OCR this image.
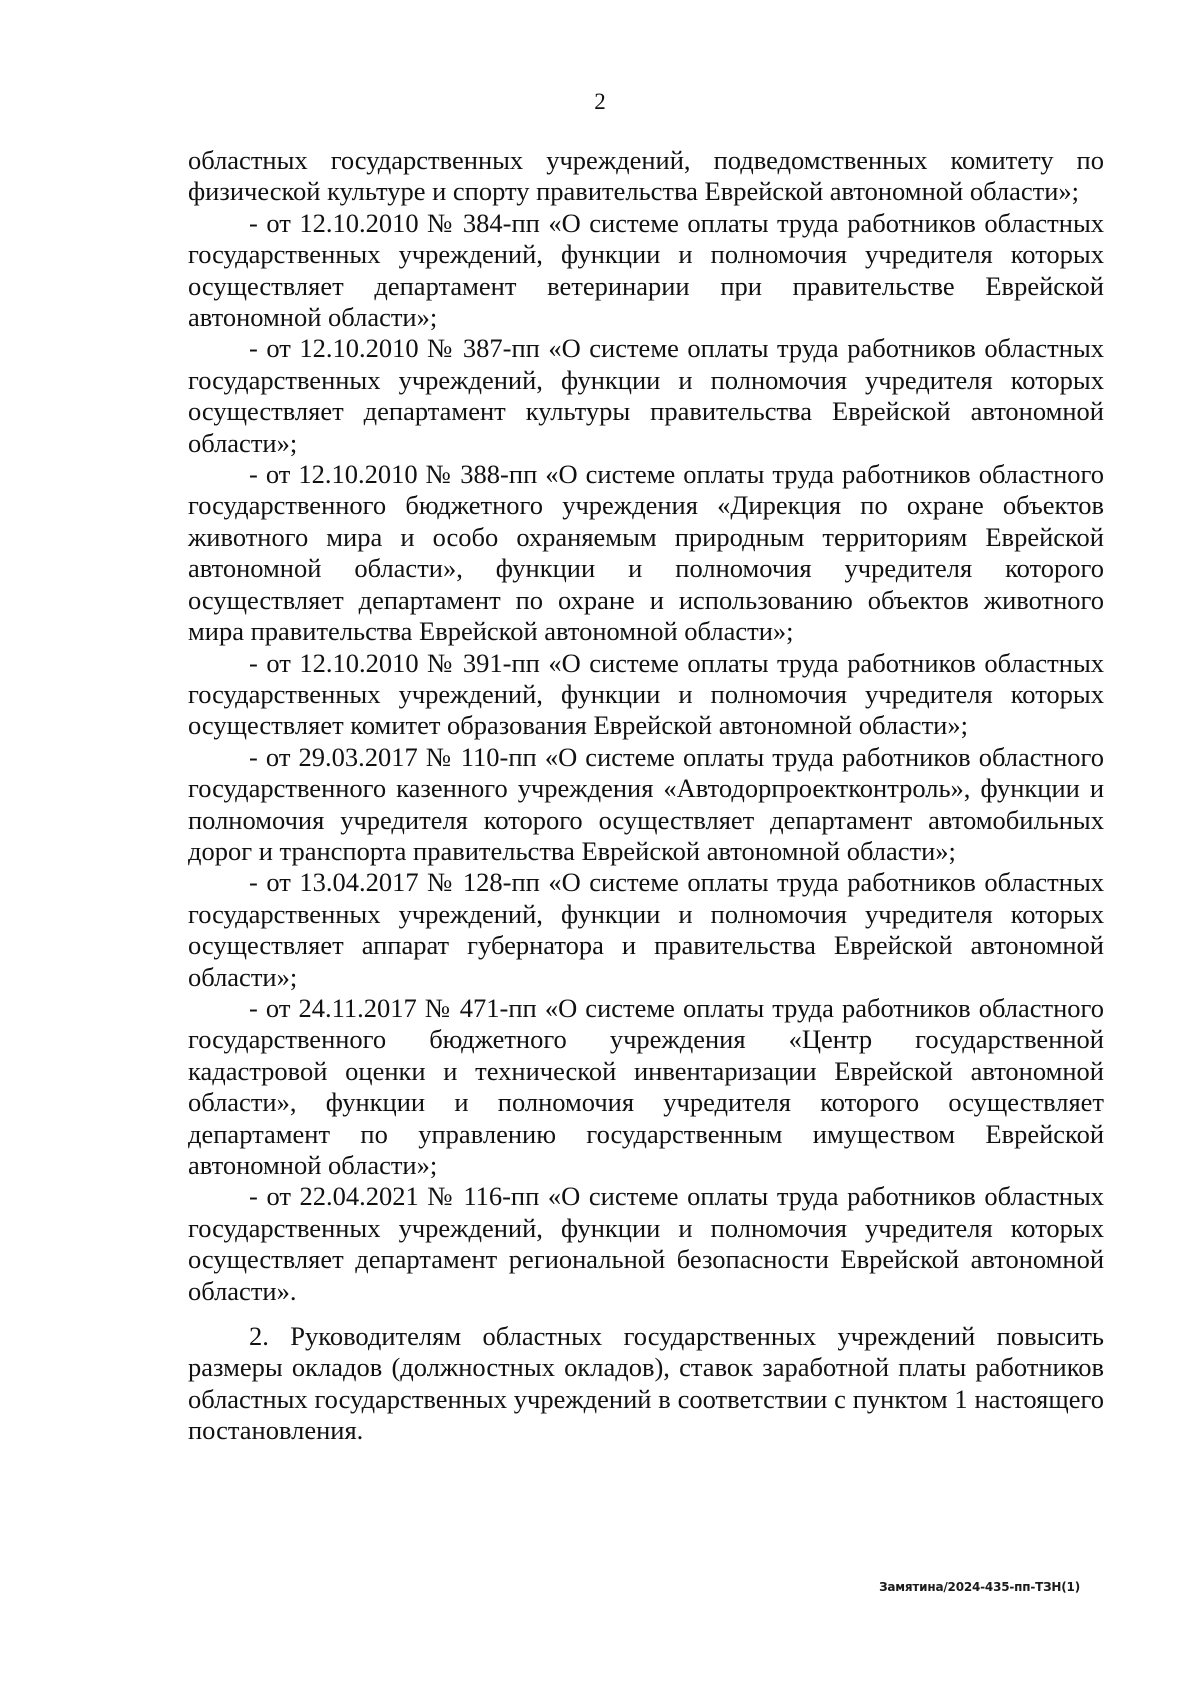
2

областных государственных учреждений, подведомственных комитету по физической культуре и спорту правительства Еврейской автономной области»;

- от 12.10.2010 № 384-пп «О системе оплаты труда работников областных государственных учреждений, функции и полномочия учредителя которых осуществляет департамент ветеринарии при правительстве Еврейской автономной области»;

- от 12.10.2010 № 387-пп «О системе оплаты труда работников областных государственных учреждений, функции и полномочия учредителя которых осуществляет департамент культуры правительства Еврейской автономной области»;

- от 12.10.2010 № 388-пп «О системе оплаты труда работников областного государственного бюджетного учреждения «Дирекция по охране объектов животного мира и особо охраняемым природным территориям Еврейской автономной области», функции и полномочия учредителя которого осуществляет департамент по охране и использованию объектов животного мира правительства Еврейской автономной области»;

- от 12.10.2010 № 391-пп «О системе оплаты труда работников областных государственных учреждений, функции и полномочия учредителя которых осуществляет комитет образования Еврейской автономной области»;

- от 29.03.2017 № 110-пп «О системе оплаты труда работников областного государственного казенного учреждения «Автодорпроектконтроль», функции и полномочия учредителя которого осуществляет департамент автомобильных дорог и транспорта правительства Еврейской автономной области»;

- от 13.04.2017 № 128-пп «О системе оплаты труда работников областных государственных учреждений, функции и полномочия учредителя которых осуществляет аппарат губернатора и правительства Еврейской автономной области»;

- от 24.11.2017 № 471-пп «О системе оплаты труда работников областного государственного бюджетного учреждения «Центр государственной кадастровой оценки и технической инвентаризации Еврейской автономной области», функции и полномочия учредителя которого осуществляет департамент по управлению государственным имуществом Еврейской автономной области»;

- от 22.04.2021 № 116-пп «О системе оплаты труда работников областных государственных учреждений, функции и полномочия учредителя которых осуществляет департамент региональной безопасности Еврейской автономной области».

2. Руководителям областных государственных учреждений повысить размеры окладов (должностных окладов), ставок заработной платы работников областных государственных учреждений в соответствии с пунктом 1 настоящего постановления.

Замятина/2024-435-пп-ТЗН(1)
